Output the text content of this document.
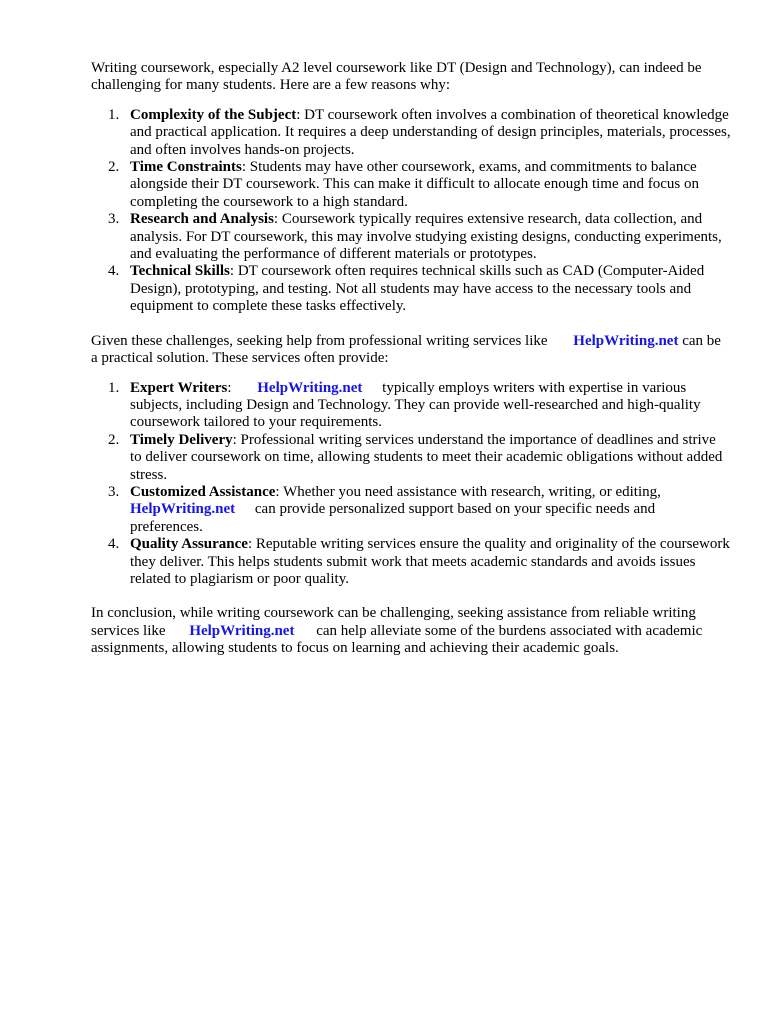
Writing coursework, especially A2 level coursework like DT (Design and Technology), can indeed be challenging for many students. Here are a few reasons why:

1. Complexity of the Subject: DT coursework often involves a combination of theoretical knowledge and practical application. It requires a deep understanding of design principles, materials, processes, and often involves hands-on projects.
2. Time Constraints: Students may have other coursework, exams, and commitments to balance alongside their DT coursework. This can make it difficult to allocate enough time and focus on completing the coursework to a high standard.
3. Research and Analysis: Coursework typically requires extensive research, data collection, and analysis. For DT coursework, this may involve studying existing designs, conducting experiments, and evaluating the performance of different materials or prototypes.
4. Technical Skills: DT coursework often requires technical skills such as CAD (Computer-Aided Design), prototyping, and testing. Not all students may have access to the necessary tools and equipment to complete these tasks effectively.

Given these challenges, seeking help from professional writing services like HelpWriting.net can be a practical solution. These services often provide:

1. Expert Writers: HelpWriting.net typically employs writers with expertise in various subjects, including Design and Technology. They can provide well-researched and high-quality coursework tailored to your requirements.
2. Timely Delivery: Professional writing services understand the importance of deadlines and strive to deliver coursework on time, allowing students to meet their academic obligations without added stress.
3. Customized Assistance: Whether you need assistance with research, writing, or editing, HelpWriting.net can provide personalized support based on your specific needs and preferences.
4. Quality Assurance: Reputable writing services ensure the quality and originality of the coursework they deliver. This helps students submit work that meets academic standards and avoids issues related to plagiarism or poor quality.

In conclusion, while writing coursework can be challenging, seeking assistance from reliable writing services like HelpWriting.net can help alleviate some of the burdens associated with academic assignments, allowing students to focus on learning and achieving their academic goals.
